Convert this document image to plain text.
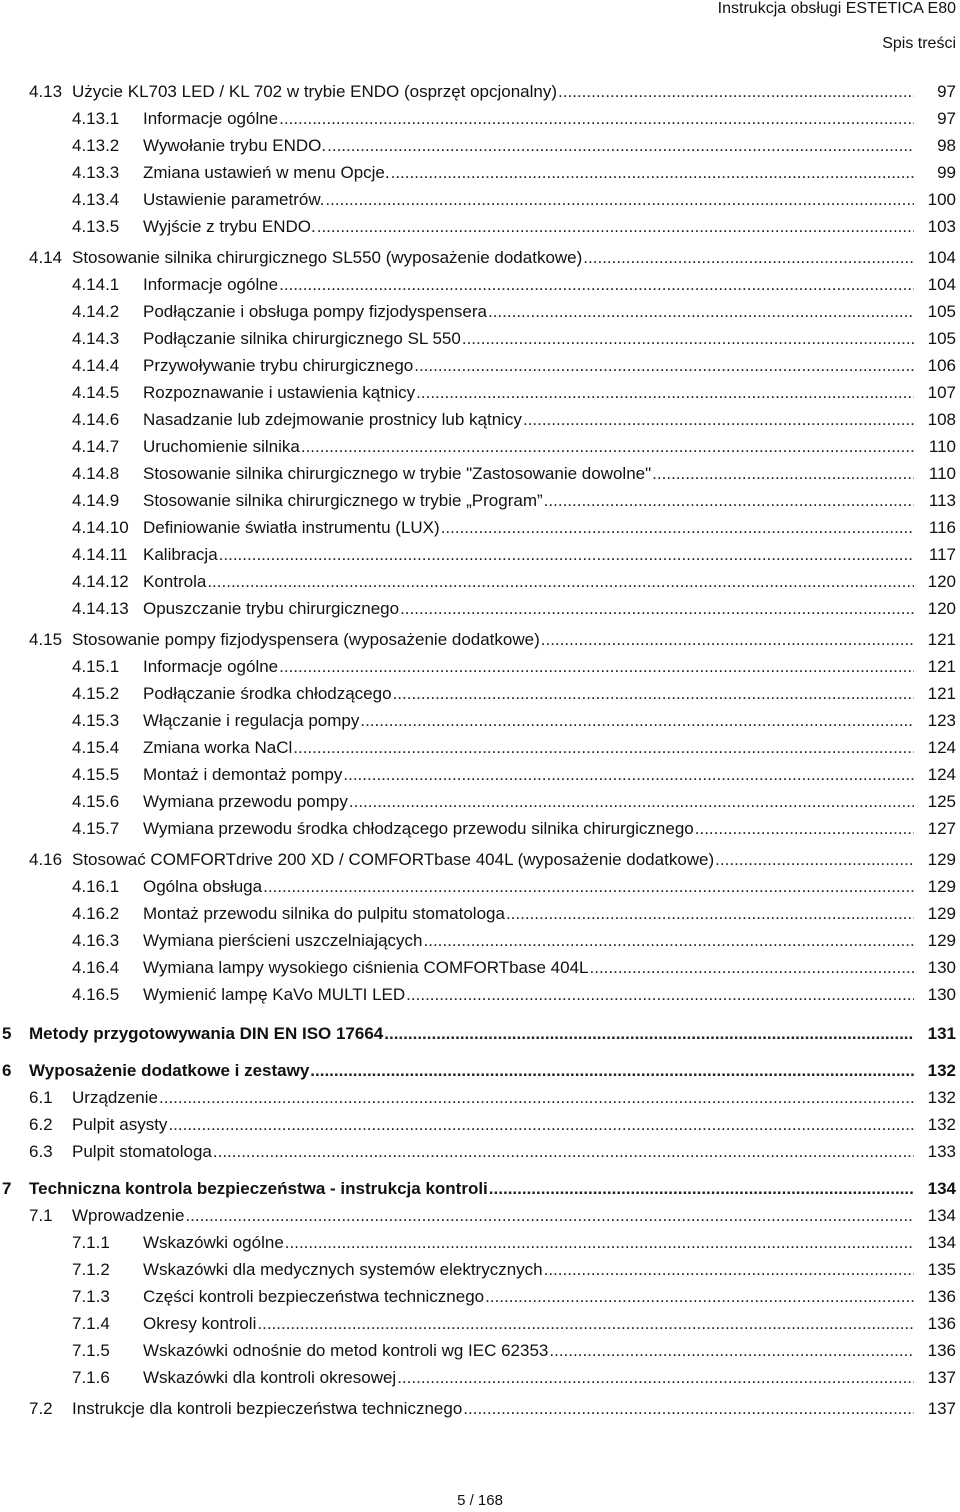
Instrukcja obsługi ESTETICA E80
Spis treści
4.13 Użycie KL703 LED / KL 702 w trybie ENDO (osprzęt opcjonalny) .....	97
4.13.1 Informacje ogólne .....	97
4.13.2 Wywołanie trybu ENDO. .....	98
4.13.3 Zmiana ustawień w menu Opcje. .....	99
4.13.4 Ustawienie parametrów. .....	100
4.13.5 Wyjście z trybu ENDO. .....	103
4.14 Stosowanie silnika chirurgicznego SL550 (wyposażenie dodatkowe) .....	104
4.14.1 Informacje ogólne .....	104
4.14.2 Podłączanie i obsługa pompy fizjodyspensera .....	105
4.14.3 Podłączanie silnika chirurgicznego SL 550 .....	105
4.14.4 Przywoływanie trybu chirurgicznego .....	106
4.14.5 Rozpoznawanie i ustawienia kątnicy .....	107
4.14.6 Nasadzanie lub zdejmowanie prostnicy lub kątnicy .....	108
4.14.7 Uruchomienie silnika .....	110
4.14.8 Stosowanie silnika chirurgicznego w trybie "Zastosowanie dowolne" .....	110
4.14.9 Stosowanie silnika chirurgicznego w trybie „Program” .....	113
4.14.10 Definiowanie światła instrumentu (LUX) .....	116
4.14.11 Kalibracja .....	117
4.14.12 Kontrola .....	120
4.14.13 Opuszczanie trybu chirurgicznego .....	120
4.15 Stosowanie pompy fizjodyspensera (wyposażenie dodatkowe) .....	121
4.15.1 Informacje ogólne .....	121
4.15.2 Podłączanie środka chłodzącego .....	121
4.15.3 Włączanie i regulacja pompy .....	123
4.15.4 Zmiana worka NaCl .....	124
4.15.5 Montaż i demontaż pompy .....	124
4.15.6 Wymiana przewodu pompy .....	125
4.15.7 Wymiana przewodu środka chłodzącego przewodu silnika chirurgicznego .....	127
4.16 Stosować COMFORTdrive 200 XD / COMFORTbase 404L (wyposażenie dodatkowe) .....	129
4.16.1 Ogólna obsługa .....	129
4.16.2 Montaż przewodu silnika do pulpitu stomatologa .....	129
4.16.3 Wymiana pierścieni uszczelniających .....	129
4.16.4 Wymiana lampy wysokiego ciśnienia COMFORTbase 404L .....	130
4.16.5 Wymienić lampę KaVo MULTI LED .....	130
5 Metody przygotowywania DIN EN ISO 17664 .....	131
6 Wyposażenie dodatkowe i zestawy .....	132
6.1 Urządzenie .....	132
6.2 Pulpit asysty .....	132
6.3 Pulpit stomatologa .....	133
7 Techniczna kontrola bezpieczeństwa - instrukcja kontroli .....	134
7.1 Wprowadzenie .....	134
7.1.1 Wskazówki ogólne .....	134
7.1.2 Wskazówki dla medycznych systemów elektrycznych .....	135
7.1.3 Części kontroli bezpieczeństwa technicznego .....	136
7.1.4 Okresy kontroli .....	136
7.1.5 Wskazówki odnośnie do metod kontroli wg IEC 62353 .....	136
7.1.6 Wskazówki dla kontroli okresowej .....	137
7.2 Instrukcje dla kontroli bezpieczeństwa technicznego .....	137
5 / 168
